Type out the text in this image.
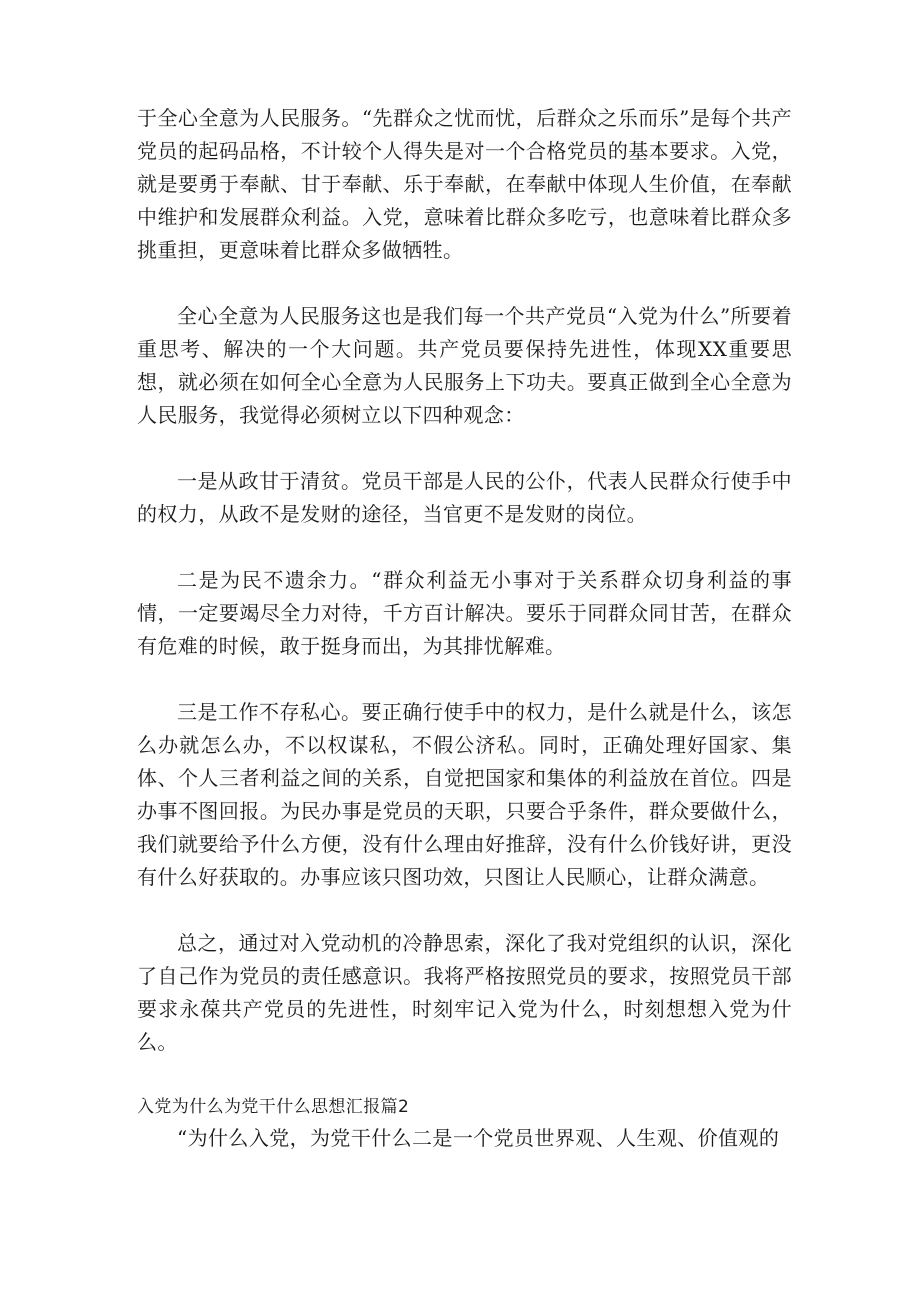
于全心全意为人民服务。“先群众之忧而忧，后群众之乐而乐”是每个共产党员的起码品格，不计较个人得失是对一个合格党员的基本要求。入党，就是要勇于奉献、甘于奉献、乐于奉献，在奉献中体现人生价值，在奉献中维护和发展群众利益。入党，意味着比群众多吃亏，也意味着比群众多挑重担，更意味着比群众多做牺牲。

全心全意为人民服务这也是我们每一个共产党员“入党为什么”所要着重思考、解决的一个大问题。共产党员要保持先进性，体现XX重要思想，就必须在如何全心全意为人民服务上下功夫。要真正做到全心全意为人民服务，我觉得必须树立以下四种观念：

一是从政甘于清贫。党员干部是人民的公仆，代表人民群众行使手中的权力，从政不是发财的途径，当官更不是发财的岗位。

二是为民不遗余力。“群众利益无小事对于关系群众切身利益的事情，一定要竭尽全力对待，千方百计解决。要乐于同群众同甘苦，在群众有危难的时候，敢于挺身而出，为其排忧解难。

三是工作不存私心。要正确行使手中的权力，是什么就是什么，该怎么办就怎么办，不以权谋私，不假公济私。同时，正确处理好国家、集体、个人三者利益之间的关系，自觉把国家和集体的利益放在首位。四是办事不图回报。为民办事是党员的天职，只要合乎条件，群众要做什么，我们就要给予什么方便，没有什么理由好推辞，没有什么价钱好讲，更没有什么好获取的。办事应该只图功效，只图让人民顺心，让群众满意。

总之，通过对入党动机的冷静思索，深化了我对党组织的认识，深化了自己作为党员的责任感意识。我将严格按照党员的要求，按照党员干部要求永葆共产党员的先进性，时刻牢记入党为什么，时刻想想入党为什么。

入党为什么为党干什么思想汇报篇2

“为什么入党，为党干什么二是一个党员世界观、人生观、价值观的
